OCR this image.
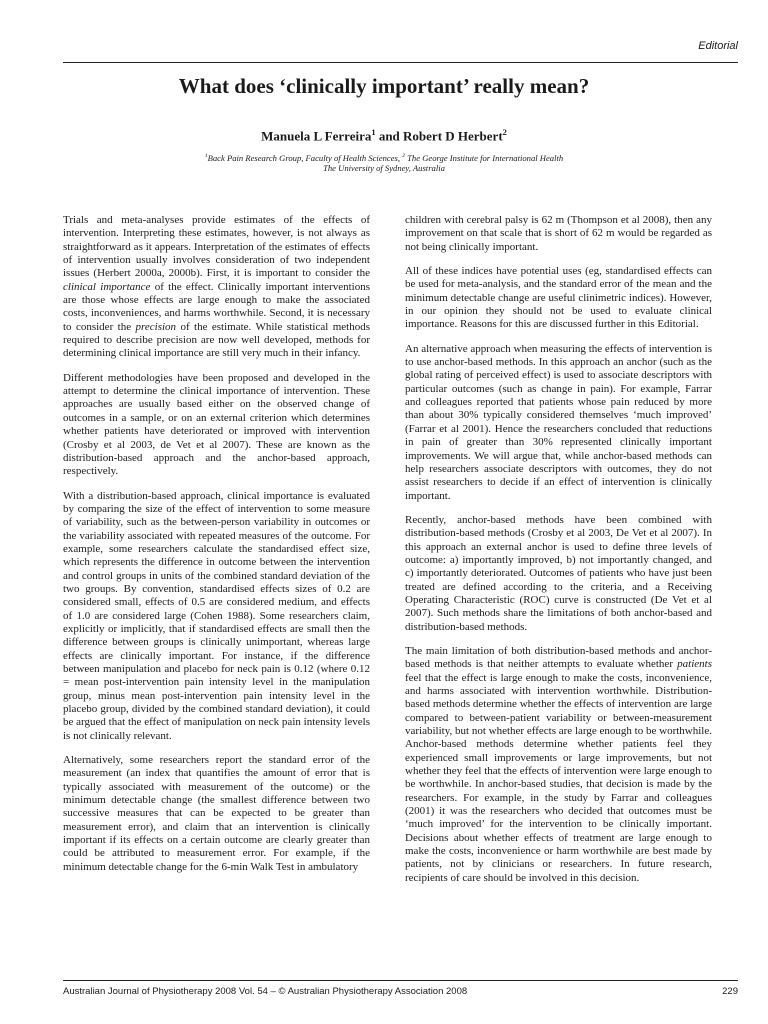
Editorial
What does ‘clinically important’ really mean?
Manuela L Ferreira$^1$ and Robert D Herbert$^2$
$^1$Back Pain Research Group, Faculty of Health Sciences, $^2$ The George Institute for International Health
The University of Sydney, Australia

Trials and meta-analyses provide estimates of the effects of intervention. Interpreting these estimates, however, is not always as straightforward as it appears. Interpretation of the estimates of effects of intervention usually involves consideration of two independent issues (Herbert 2000a, 2000b). First, it is important to consider the clinical importance of the effect. Clinically important interventions are those whose effects are large enough to make the associated costs, inconveniences, and harms worthwhile. Second, it is necessary to consider the precision of the estimate. While statistical methods required to describe precision are now well developed, methods for determining clinical importance are still very much in their infancy.

Different methodologies have been proposed and developed in the attempt to determine the clinical importance of intervention. These approaches are usually based either on the observed change of outcomes in a sample, or on an external criterion which determines whether patients have deteriorated or improved with intervention (Crosby et al 2003, de Vet et al 2007). These are known as the distribution-based approach and the anchor-based approach, respectively.

With a distribution-based approach, clinical importance is evaluated by comparing the size of the effect of intervention to some measure of variability, such as the between-person variability in outcomes or the variability associated with repeated measures of the outcome. For example, some researchers calculate the standardised effect size, which represents the difference in outcome between the intervention and control groups in units of the combined standard deviation of the two groups. By convention, standardised effects sizes of 0.2 are considered small, effects of 0.5 are considered medium, and effects of 1.0 are considered large (Cohen 1988). Some researchers claim, explicitly or implicitly, that if standardised effects are small then the difference between groups is clinically unimportant, whereas large effects are clinically important. For instance, if the difference between manipulation and placebo for neck pain is 0.12 (where 0.12 = mean post-intervention pain intensity level in the manipulation group, minus mean post-intervention pain intensity level in the placebo group, divided by the combined standard deviation), it could be argued that the effect of manipulation on neck pain intensity levels is not clinically relevant.

Alternatively, some researchers report the standard error of the measurement (an index that quantifies the amount of error that is typically associated with measurement of the outcome) or the minimum detectable change (the smallest difference between two successive measures that can be expected to be greater than measurement error), and claim that an intervention is clinically important if its effects on a certain outcome are clearly greater than could be attributed to measurement error. For example, if the minimum detectable change for the 6-min Walk Test in ambulatory

children with cerebral palsy is 62 m (Thompson et al 2008), then any improvement on that scale that is short of 62 m would be regarded as not being clinically important.

All of these indices have potential uses (eg, standardised effects can be used for meta-analysis, and the standard error of the mean and the minimum detectable change are useful clinimetric indices). However, in our opinion they should not be used to evaluate clinical importance. Reasons for this are discussed further in this Editorial.

An alternative approach when measuring the effects of intervention is to use anchor-based methods. In this approach an anchor (such as the global rating of perceived effect) is used to associate descriptors with particular outcomes (such as change in pain). For example, Farrar and colleagues reported that patients whose pain reduced by more than about 30% typically considered themselves ‘much improved’ (Farrar et al 2001). Hence the researchers concluded that reductions in pain of greater than 30% represented clinically important improvements. We will argue that, while anchor-based methods can help researchers associate descriptors with outcomes, they do not assist researchers to decide if an effect of intervention is clinically important.

Recently, anchor-based methods have been combined with distribution-based methods (Crosby et al 2003, De Vet et al 2007). In this approach an external anchor is used to define three levels of outcome: a) importantly improved, b) not importantly changed, and c) importantly deteriorated. Outcomes of patients who have just been treated are defined according to the criteria, and a Receiving Operating Characteristic (ROC) curve is constructed (De Vet et al 2007). Such methods share the limitations of both anchor-based and distribution-based methods.

The main limitation of both distribution-based methods and anchor-based methods is that neither attempts to evaluate whether patients feel that the effect is large enough to make the costs, inconvenience, and harms associated with intervention worthwhile. Distribution-based methods determine whether the effects of intervention are large compared to between-patient variability or between-measurement variability, but not whether effects are large enough to be worthwhile. Anchor-based methods determine whether patients feel they experienced small improvements or large improvements, but not whether they feel that the effects of intervention were large enough to be worthwhile. In anchor-based studies, that decision is made by the researchers. For example, in the study by Farrar and colleagues (2001) it was the researchers who decided that outcomes must be ‘much improved’ for the intervention to be clinically important. Decisions about whether effects of treatment are large enough to make the costs, inconvenience or harm worthwhile are best made by patients, not by clinicians or researchers. In future research, recipients of care should be involved in this decision.

Australian Journal of Physiotherapy 2008 Vol. 54 – © Australian Physiotherapy Association 2008	229
